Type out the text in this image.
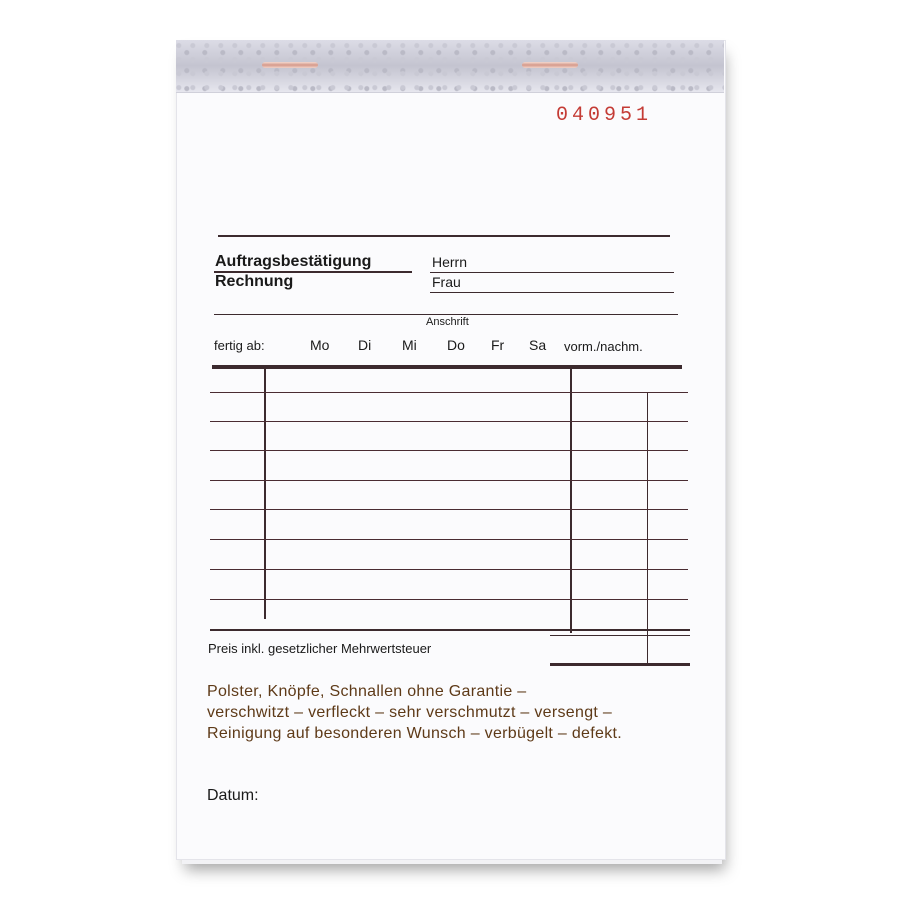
040951
Auftragsbestätigung
Rechnung
Herrn
Frau
Anschrift
fertig ab:	Mo Di Mi Do Fr Sa vorm./nachm.
Preis inkl. gesetzlicher Mehrwertsteuer
Polster, Knöpfe, Schnallen ohne Garantie –
verschwitzt – verfleckt – sehr verschmutzt – versengt –
Reinigung auf besonderen Wunsch – verbügelt – defekt.
Datum:
